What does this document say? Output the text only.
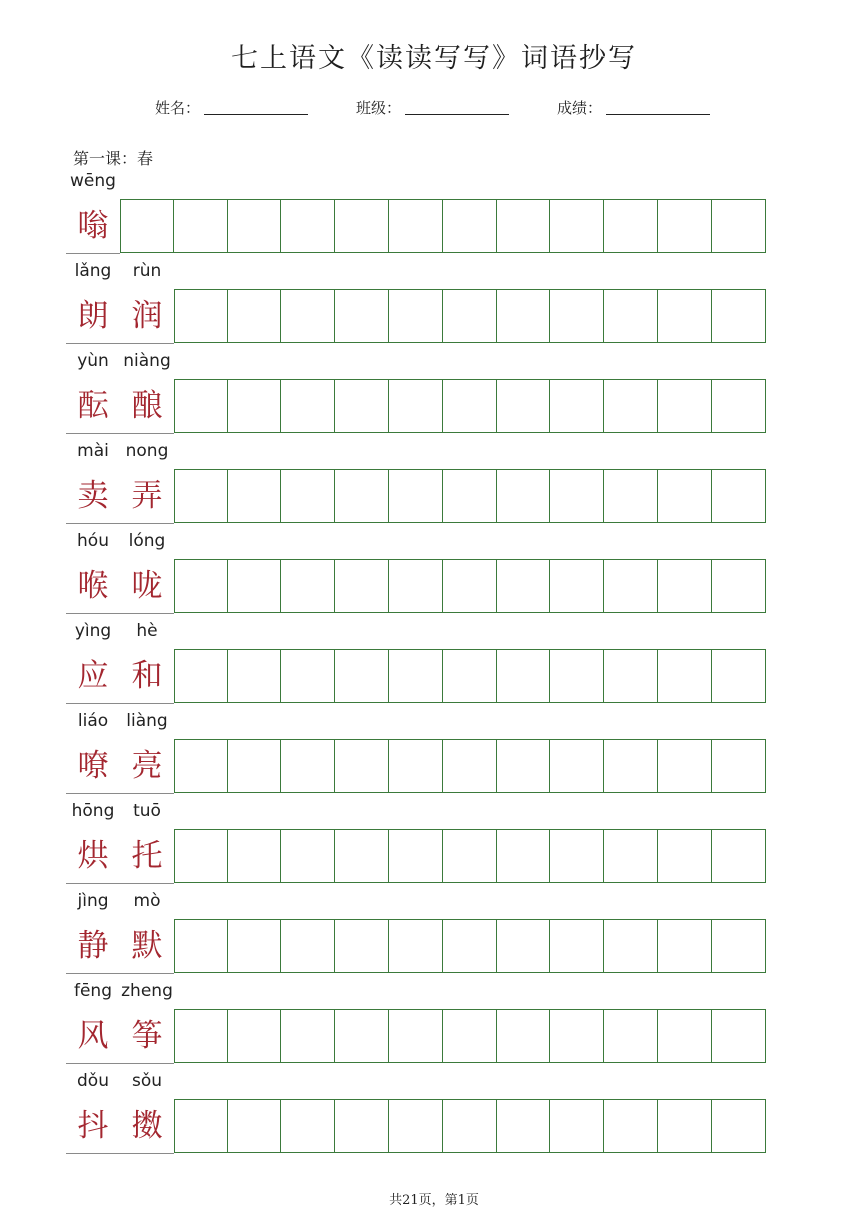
七上语文《读读写写》词语抄写
姓名：	班级：	成绩：
第一课：春
wēng
嗡
lǎng rùn
朗 润
yùn niàng
酝 酿
mài nong
卖 弄
hóu lóng
喉 咙
yìng hè
应 和
liáo liàng
嘹 亮
hōng tuō
烘 托
jìng mò
静 默
fēng zheng
风 筝
dǒu sǒu
抖 擞
共21页，第1页
